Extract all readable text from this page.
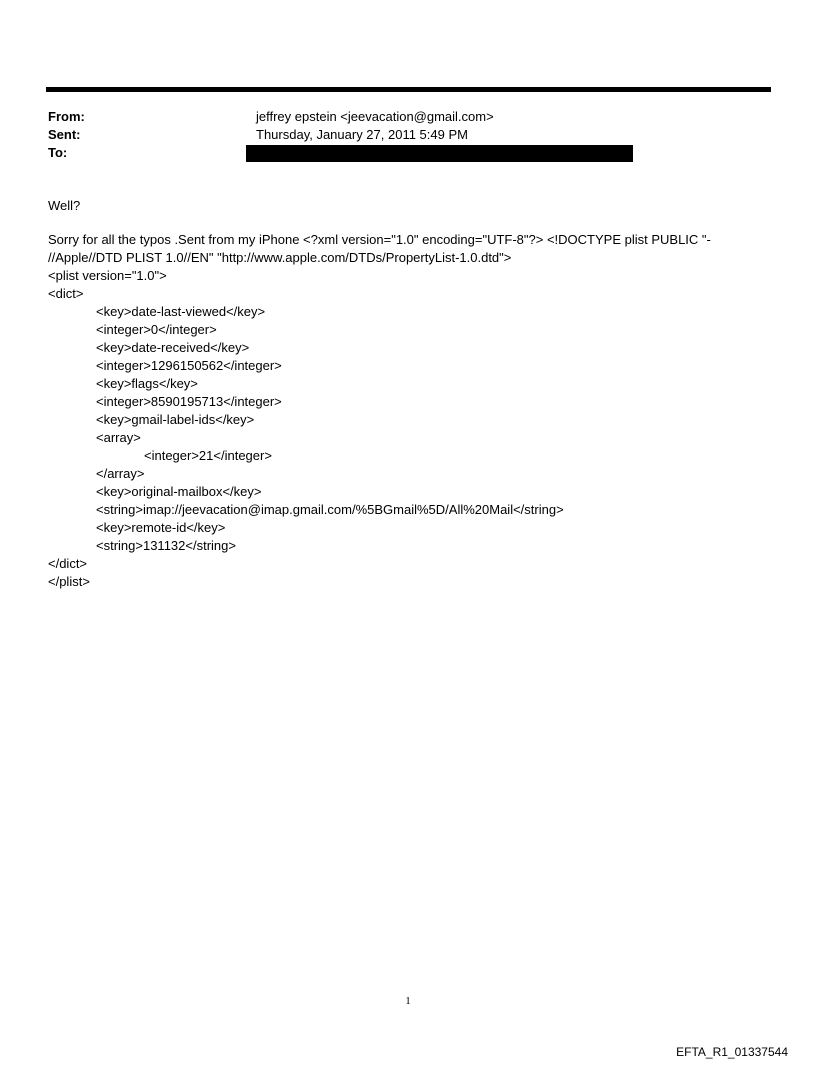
From:	jeffrey epstein <jeevacation@gmail.com>
Sent:	Thursday, January 27, 2011 5:49 PM
To:
Well?
Sorry for all the typos .Sent from my iPhone <?xml version="1.0" encoding="UTF-8"?> <!DOCTYPE plist PUBLIC "-
//Apple//DTD PLIST 1.0//EN" "http://www.apple.com/DTDs/PropertyList-1.0.dtd">
<plist version="1.0">
<dict>
<key>date-last-viewed</key>
<integer>0</integer>
<key>date-received</key>
<integer>1296150562</integer>
<key>flags</key>
<integer>8590195713</integer>
<key>gmail-label-ids</key>
<array>
<integer>21</integer>
</array>
<key>original-mailbox</key>
<string>imap://jeevacation@imap.gmail.com/%5BGmail%5D/All%20Mail</string>
<key>remote-id</key>
<string>131132</string>
</dict>
</plist>
1
EFTA_R1_01337544
